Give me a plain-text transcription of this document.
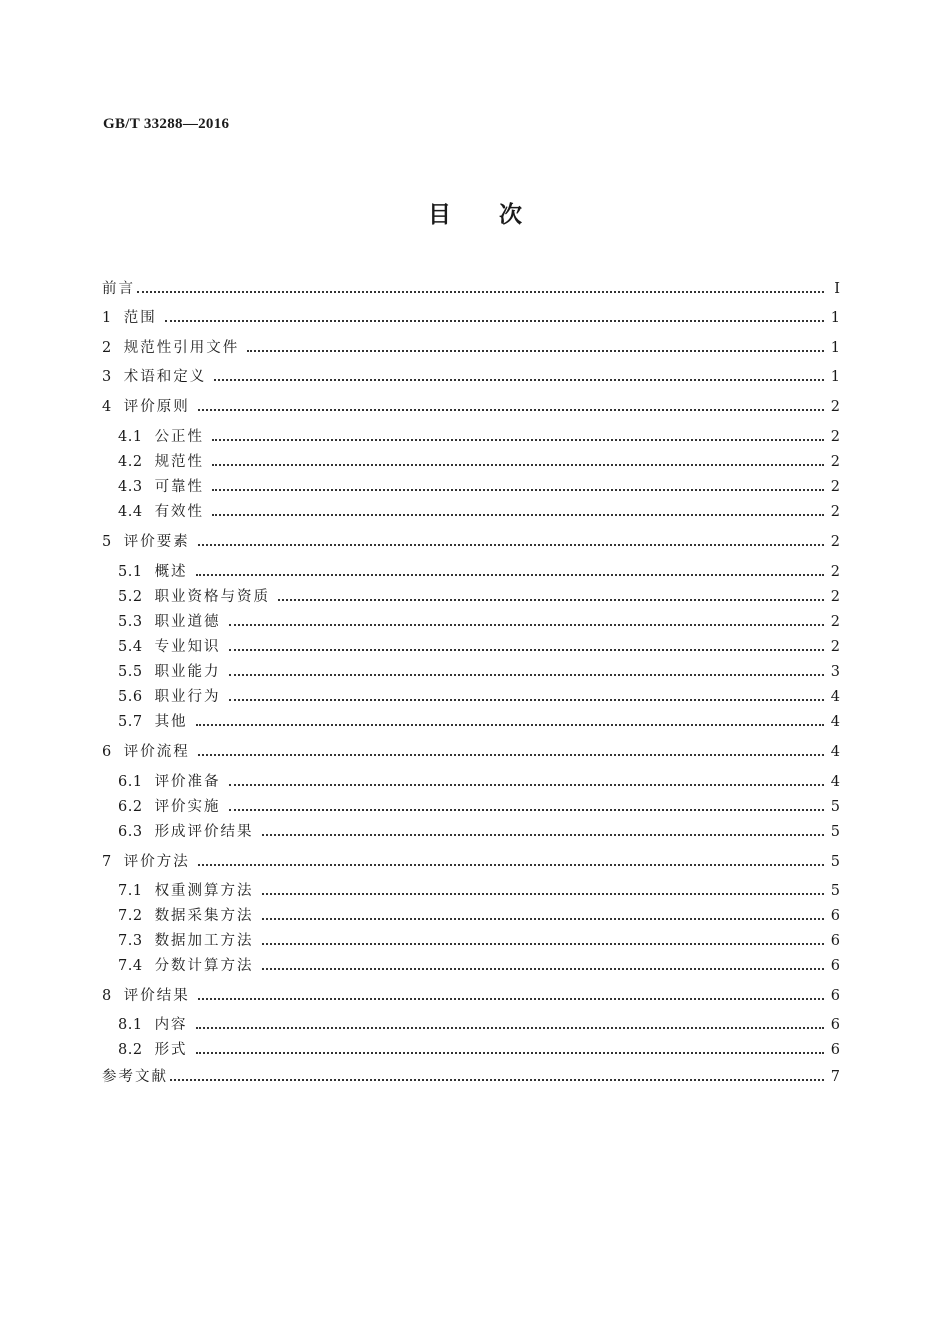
GB/T 33288—2016
目次
前言	Ⅰ
1 范围	1
2 规范性引用文件	1
3 术语和定义	1
4 评价原则	2
4.1 公正性	2
4.2 规范性	2
4.3 可靠性	2
4.4 有效性	2
5 评价要素	2
5.1 概述	2
5.2 职业资格与资质	2
5.3 职业道德	2
5.4 专业知识	2
5.5 职业能力	3
5.6 职业行为	4
5.7 其他	4
6 评价流程	4
6.1 评价准备	4
6.2 评价实施	5
6.3 形成评价结果	5
7 评价方法	5
7.1 权重测算方法	5
7.2 数据采集方法	6
7.3 数据加工方法	6
7.4 分数计算方法	6
8 评价结果	6
8.1 内容	6
8.2 形式	6
参考文献	7
